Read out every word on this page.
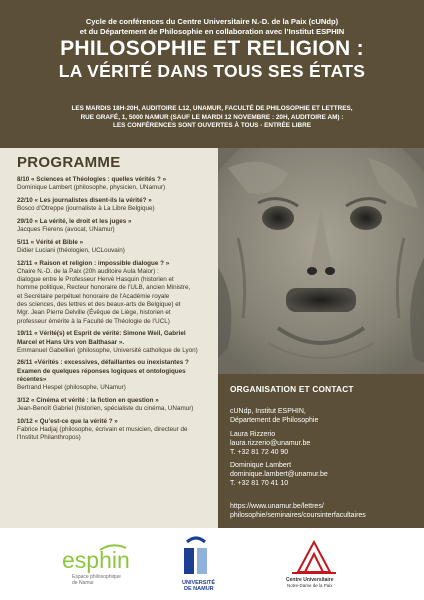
Cycle de conférences du Centre Universitaire N.-D. de la Paix (cUNdp)
et du Département de Philosophie en collaboration avec l’Institut ESPHIN
PHILOSOPHIE ET RELIGION :
LA VÉRITÉ DANS TOUS SES ÉTATS
LES MARDIS 18H-20H, AUDITOIRE L12, UNAMUR, FACULTÉ DE PHILOSOPHIE ET LETTRES,
RUE GRAFÉ, 1, 5000 NAMUR (SAUF LE MARDI 12 NOVEMBRE : 20H, AUDITOIRE AM) :
LES CONFÉRENCES SONT OUVERTES À TOUS - ENTRÉE LIBRE
PROGRAMME
8/10 « Sciences et Théologies : quelles vérités ? »
Dominique Lambert (philosophe, physicien, UNamur)
22/10 « Les journalistes disent-ils la vérité? »
Bosco d’Otreppe (journaliste à La Libre Belgique)
29/10 « La vérité, le droit et les juges »
Jacques Fierens (avocat, UNamur)
5/11 « Vérité et Bible »
Didier Luciani (théologien, UCLouvain)
12/11 « Raison et religion : impossible dialogue ? »
Chaire N.-D. de la Paix (20h auditoire Aula Maior) :
dialogue entre le Professeur Hervé Hasquin (historien et
homme politique, Recteur honoraire de l’ULB, ancien Ministre,
et Secrétaire perpétuel honoraire de l’Académie royale
des sciences, des lettres et des beaux-arts de Belgique) et
Mgr. Jean Pierre Delville (Évêque de Liège, historien et
professeur émérite à la Faculté de Théologie de l’UCL)
19/11 « Vérité(s) et Esprit de vérité: Simone Weil, Gabriel
Marcel et Hans Urs von Balthasar ».
Emmanuel Gabellieri (philosophe, Université catholique de Lyon)
26/11 «Vérités : excessives, défaillantes ou inexistantes ?
Examen de quelques réponses logiques et ontologiques
récentes»
Bertrand Hespel (philosophe, UNamur)
3/12 « Cinéma et vérité : la fiction en question »
Jean-Benoît Gabriel (historien, spécialiste du cinéma, UNamur)
10/12 « Qu’est-ce que la vérité ? »
Fabrice Hadjaj (philosophe, écrivain et musicien, directeur de
l’Institut Philanthropos)
ORGANISATION ET CONTACT
cUNdp, Institut ESPHIN,
Département de Philosophie
Laura Rizzerio
laura.rizzerio@unamur.be
T. +32 81 72 40 90
Dominique Lambert
dominique.lambert@unamur.be
T. +32 81 70 41 10
https://www.unamur.be/lettres/
philosophie/seminaires/coursinterfacultaires
esphin
Espace philosophique
de Namur	UNIVERSITÉ
DE NAMUR
Centre Universitaire
Notre-Dame de la Paix
